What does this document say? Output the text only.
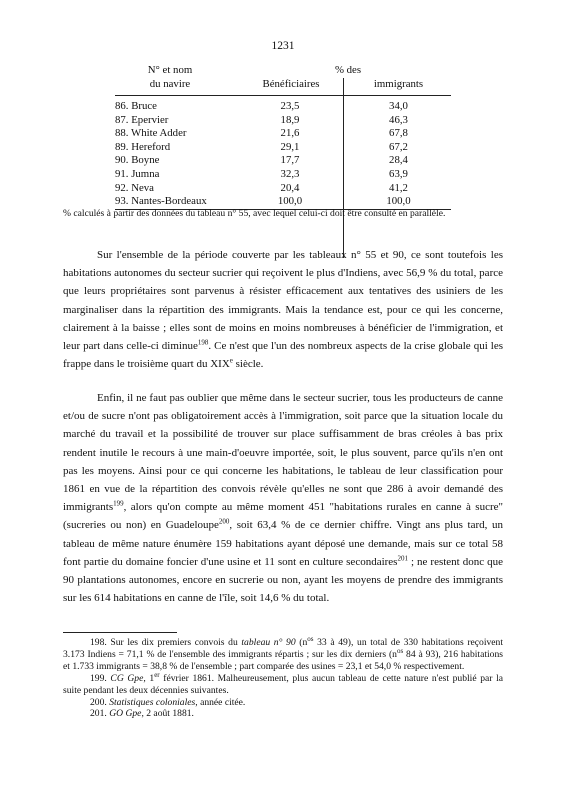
1231
N° et nom
du navire
% des
Bénéficiaires	immigrants
86. Bruce	23,5	34,0
87. Epervier	18,9	46,3
88. White Adder	21,6	67,8
89. Hereford	29,1	67,2
90. Boyne	17,7	28,4
91. Jumna	32,3	63,9
92. Neva	20,4	41,2
93. Nantes-Bordeaux	100,0	100,0
% calculés à partir des données du tableau n° 55, avec lequel celui-ci doit être consulté en parallèle.

Sur l'ensemble de la période couverte par les tableaux n° 55 et 90, ce sont toutefois les habitations autonomes du secteur sucrier qui reçoivent le plus d'Indiens, avec 56,9 % du total, parce que leurs propriétaires sont parvenus à résister efficacement aux tentatives des usiniers de les marginaliser dans la répartition des immigrants. Mais la tendance est, pour ce qui les concerne, clairement à la baisse ; elles sont de moins en moins nombreuses à bénéficier de l'immigration, et leur part dans celle-ci diminue$^{198}$. Ce n'est que l'un des nombreux aspects de la crise globale qui les frappe dans le troisième quart du XIXe siècle.

Enfin, il ne faut pas oublier que même dans le secteur sucrier, tous les producteurs de canne et/ou de sucre n'ont pas obligatoirement accès à l'immigration, soit parce que la situation locale du marché du travail et la possibilité de trouver sur place suffisamment de bras créoles à bas prix rendent inutile le recours à une main-d'oeuvre importée, soit, le plus souvent, parce qu'ils n'en ont pas les moyens. Ainsi pour ce qui concerne les habitations, le tableau de leur classification pour 1861 en vue de la répartition des convois révèle qu'elles ne sont que 286 à avoir demandé des immigrants$^{199}$, alors qu'on compte au même moment 451 "habitations rurales en canne à sucre" (sucreries ou non) en Guadeloupe$^{200}$, soit 63,4 % de ce dernier chiffre. Vingt ans plus tard, un tableau de même nature énumère 159 habitations ayant déposé une demande, mais sur ce total 58 font partie du domaine foncier d'une usine et 11 sont en culture secondaires$^{201}$ ; ne restent donc que 90 plantations autonomes, encore en sucrerie ou non, ayant les moyens de prendre des immigrants sur les 614 habitations en canne de l'île, soit 14,6 % du total.

198. Sur les dix premiers convois du tableau n° 90 ($n^{os}$ 33 à 49), un total de 330 habitations reçoivent 3.173 Indiens = 71,1 % de l'ensemble des immigrants répartis ; sur les dix derniers ($n^{os}$ 84 à 93), 216 habitations et 1.733 immigrants = 38,8 % de l'ensemble ; part comparée des usines = 23,1 et 54,0 % respectivement.

199. CG Gpe, 1er février 1861. Malheureusement, plus aucun tableau de cette nature n'est publié par la suite pendant les deux décennies suivantes.

200. Statistiques coloniales, année citée.

201. GO Gpe, 2 août 1881.
